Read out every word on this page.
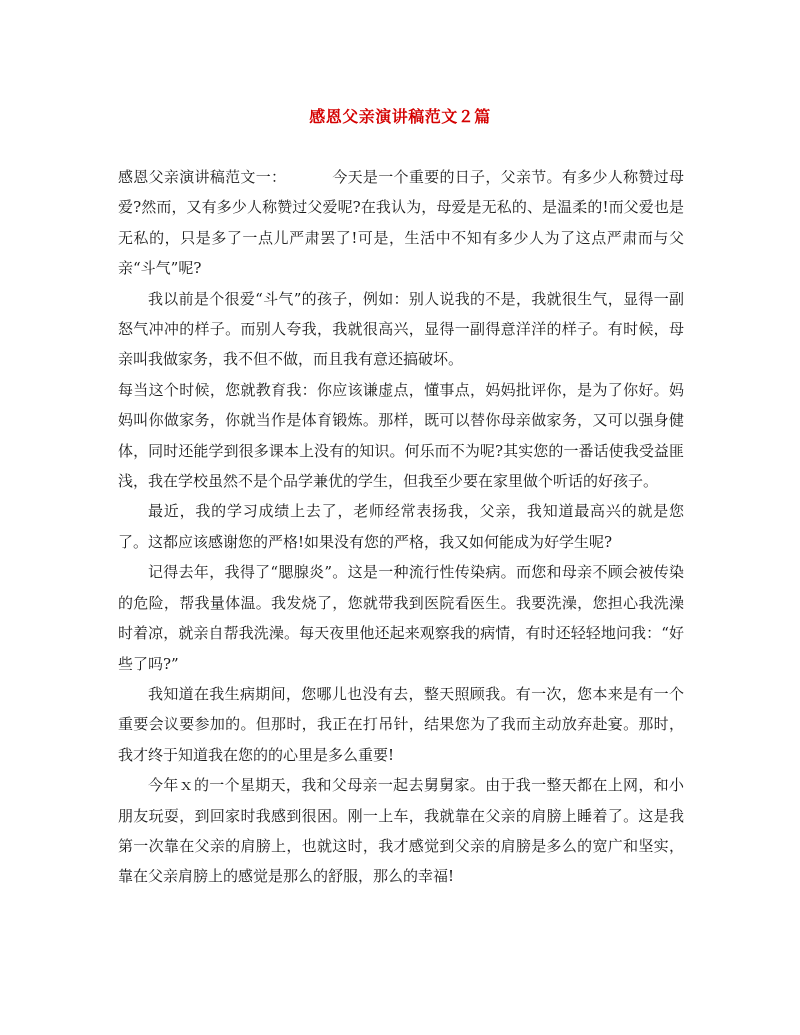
感恩父亲演讲稿范文２篇

感恩父亲演讲稿范文一：	今天是一个重要的日子，父亲节。有多少人称赞过母爱?然而，又有多少人称赞过父爱呢?在我认为，母爱是无私的、是温柔的!而父爱也是无私的，只是多了一点儿严肃罢了!可是，生活中不知有多少人为了这点严肃而与父亲“斗气”呢?

我以前是个很爱“斗气”的孩子，例如：别人说我的不是，我就很生气，显得一副怒气冲冲的样子。而别人夸我，我就很高兴，显得一副得意洋洋的样子。有时候，母亲叫我做家务，我不但不做，而且我有意还搞破坏。

每当这个时候，您就教育我：你应该谦虚点，懂事点，妈妈批评你，是为了你好。妈妈叫你做家务，你就当作是体育锻炼。那样，既可以替你母亲做家务，又可以强身健体，同时还能学到很多课本上没有的知识。何乐而不为呢?其实您的一番话使我受益匪浅，我在学校虽然不是个品学兼优的学生，但我至少要在家里做个听话的好孩子。

最近，我的学习成绩上去了，老师经常表扬我，父亲，我知道最高兴的就是您了。这都应该感谢您的严格!如果没有您的严格，我又如何能成为好学生呢?

记得去年，我得了“腮腺炎”。这是一种流行性传染病。而您和母亲不顾会被传染的危险，帮我量体温。我发烧了，您就带我到医院看医生。我要洗澡，您担心我洗澡时着凉，就亲自帮我洗澡。每天夜里他还起来观察我的病情，有时还轻轻地问我：“好些了吗?”

我知道在我生病期间，您哪儿也没有去，整天照顾我。有一次，您本来是有一个重要会议要参加的。但那时，我正在打吊针，结果您为了我而主动放弃赴宴。那时，我才终于知道我在您的的心里是多么重要!

今年ｘ的一个星期天，我和父母亲一起去舅舅家。由于我一整天都在上网，和小朋友玩耍，到回家时我感到很困。刚一上车，我就靠在父亲的肩膀上睡着了。这是我第一次靠在父亲的肩膀上，也就这时，我才感觉到父亲的肩膀是多么的宽广和坚实，靠在父亲肩膀上的感觉是那么的舒服，那么的幸福!
